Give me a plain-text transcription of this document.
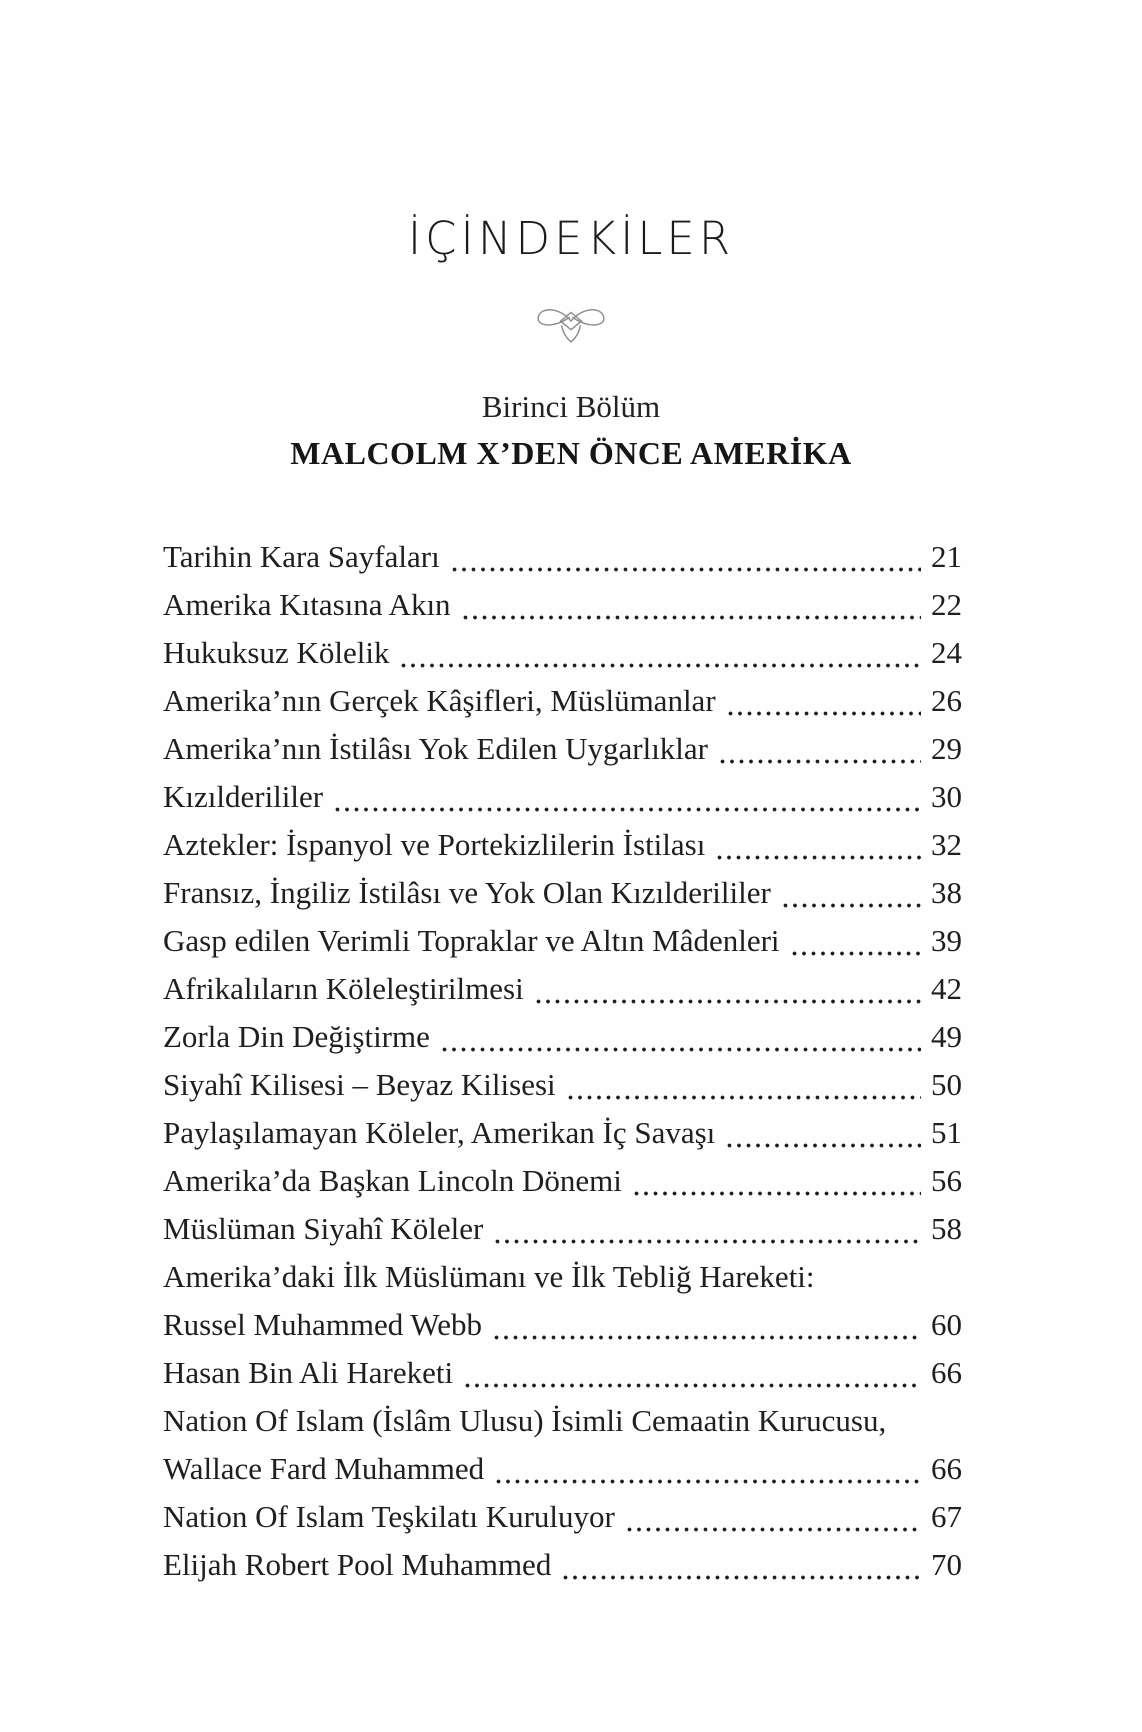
İÇİNDEKİLER
Birinci Bölüm
MALCOLM X’DEN ÖNCE AMERİKA
Tarihin Kara Sayfaları	21
Amerika Kıtasına Akın	22
Hukuksuz Kölelik	24
Amerika’nın Gerçek Kâşifleri, Müslümanlar	26
Amerika’nın İstilâsı Yok Edilen Uygarlıklar	29
Kızılderililer	30
Aztekler: İspanyol ve Portekizlilerin İstilası	32
Fransız, İngiliz İstilâsı ve Yok Olan Kızılderililer	38
Gasp edilen Verimli Topraklar ve Altın Mâdenleri	39
Afrikalıların Köleleştirilmesi	42
Zorla Din Değiştirme	49
Siyahî Kilisesi – Beyaz Kilisesi	50
Paylaşılamayan Köleler, Amerikan İç Savaşı	51
Amerika’da Başkan Lincoln Dönemi	56
Müslüman Siyahî Köleler	58
Amerika’daki İlk Müslümanı ve İlk Tebliğ Hareketi:
Russel Muhammed Webb	60
Hasan Bin Ali Hareketi	66
Nation Of Islam (İslâm Ulusu) İsimli Cemaatin Kurucusu,
Wallace Fard Muhammed	66
Nation Of Islam Teşkilatı Kuruluyor	67
Elijah Robert Pool Muhammed	70
